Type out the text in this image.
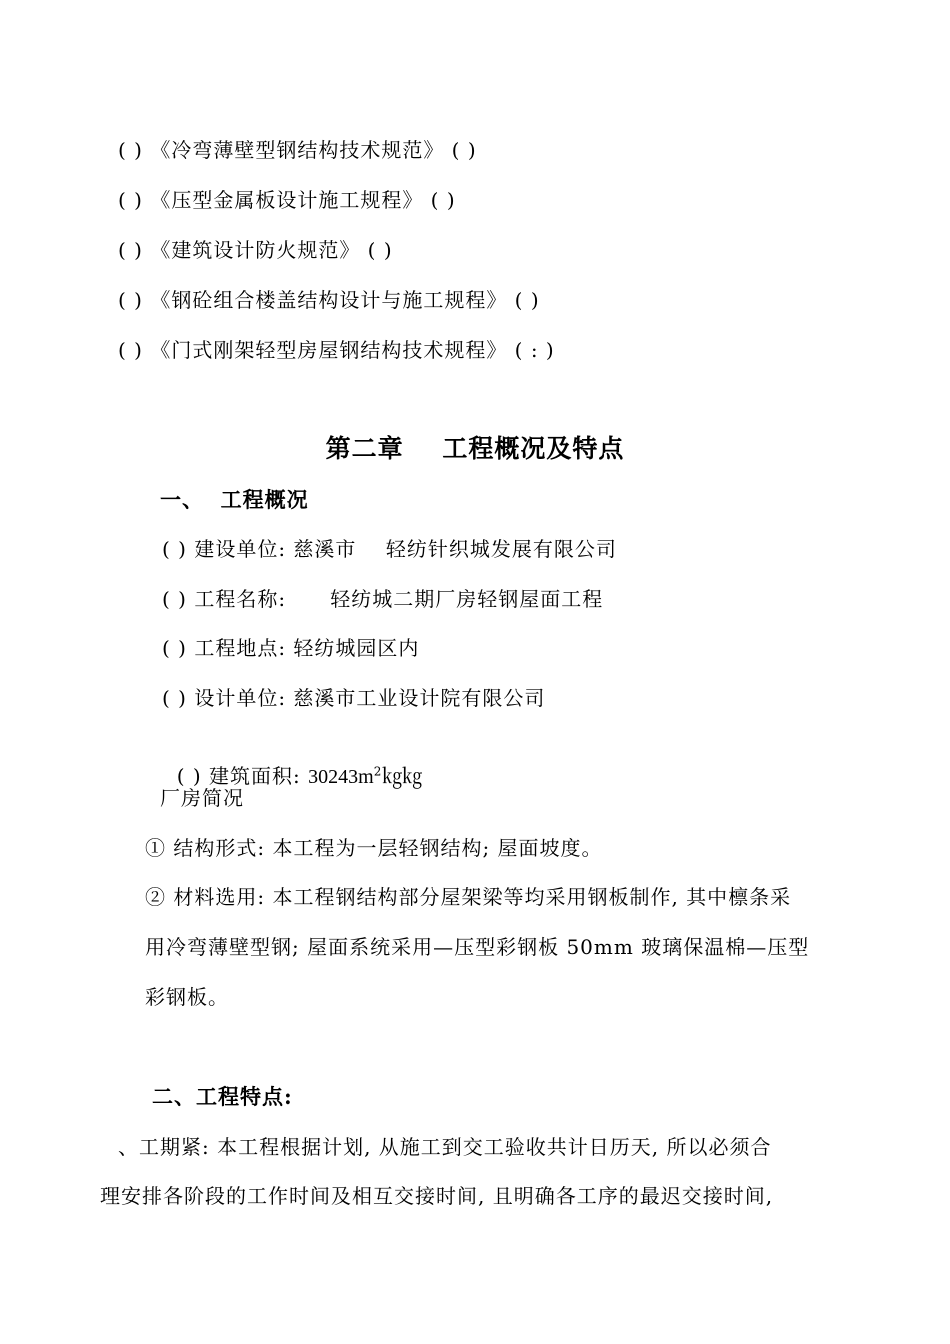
( ) 《冷弯薄壁型钢结构技术规范》 ( )
( ) 《压型金属板设计施工规程》 ( )
( ) 《建筑设计防火规范》 ( )
( ) 《钢砼组合楼盖结构设计与施工规程》 ( )
( ) 《门式刚架轻型房屋钢结构技术规程》 ( : )
第二章    工程概况及特点
一、  工程概况
( ) 建设单位: 慈溪市    轻纺针织城发展有限公司
( ) 工程名称:      轻纺城二期厂房轻钢屋面工程
( ) 工程地点: 轻纺城园区内
( ) 设计单位: 慈溪市工业设计院有限公司

( ) 建筑面积: $30243m^2㎏㎏$

厂房简况
① 结构形式: 本工程为一层轻钢结构; 屋面坡度。
② 材料选用: 本工程钢结构部分屋架梁等均采用钢板制作, 其中檩条采
用冷弯薄壁型钢; 屋面系统采用—压型彩钢板 50mm 玻璃保温棉—压型
彩钢板。
二、工程特点:
、工期紧: 本工程根据计划, 从施工到交工验收共计日历天, 所以必须合
理安排各阶段的工作时间及相互交接时间, 且明确各工序的最迟交接时间,
